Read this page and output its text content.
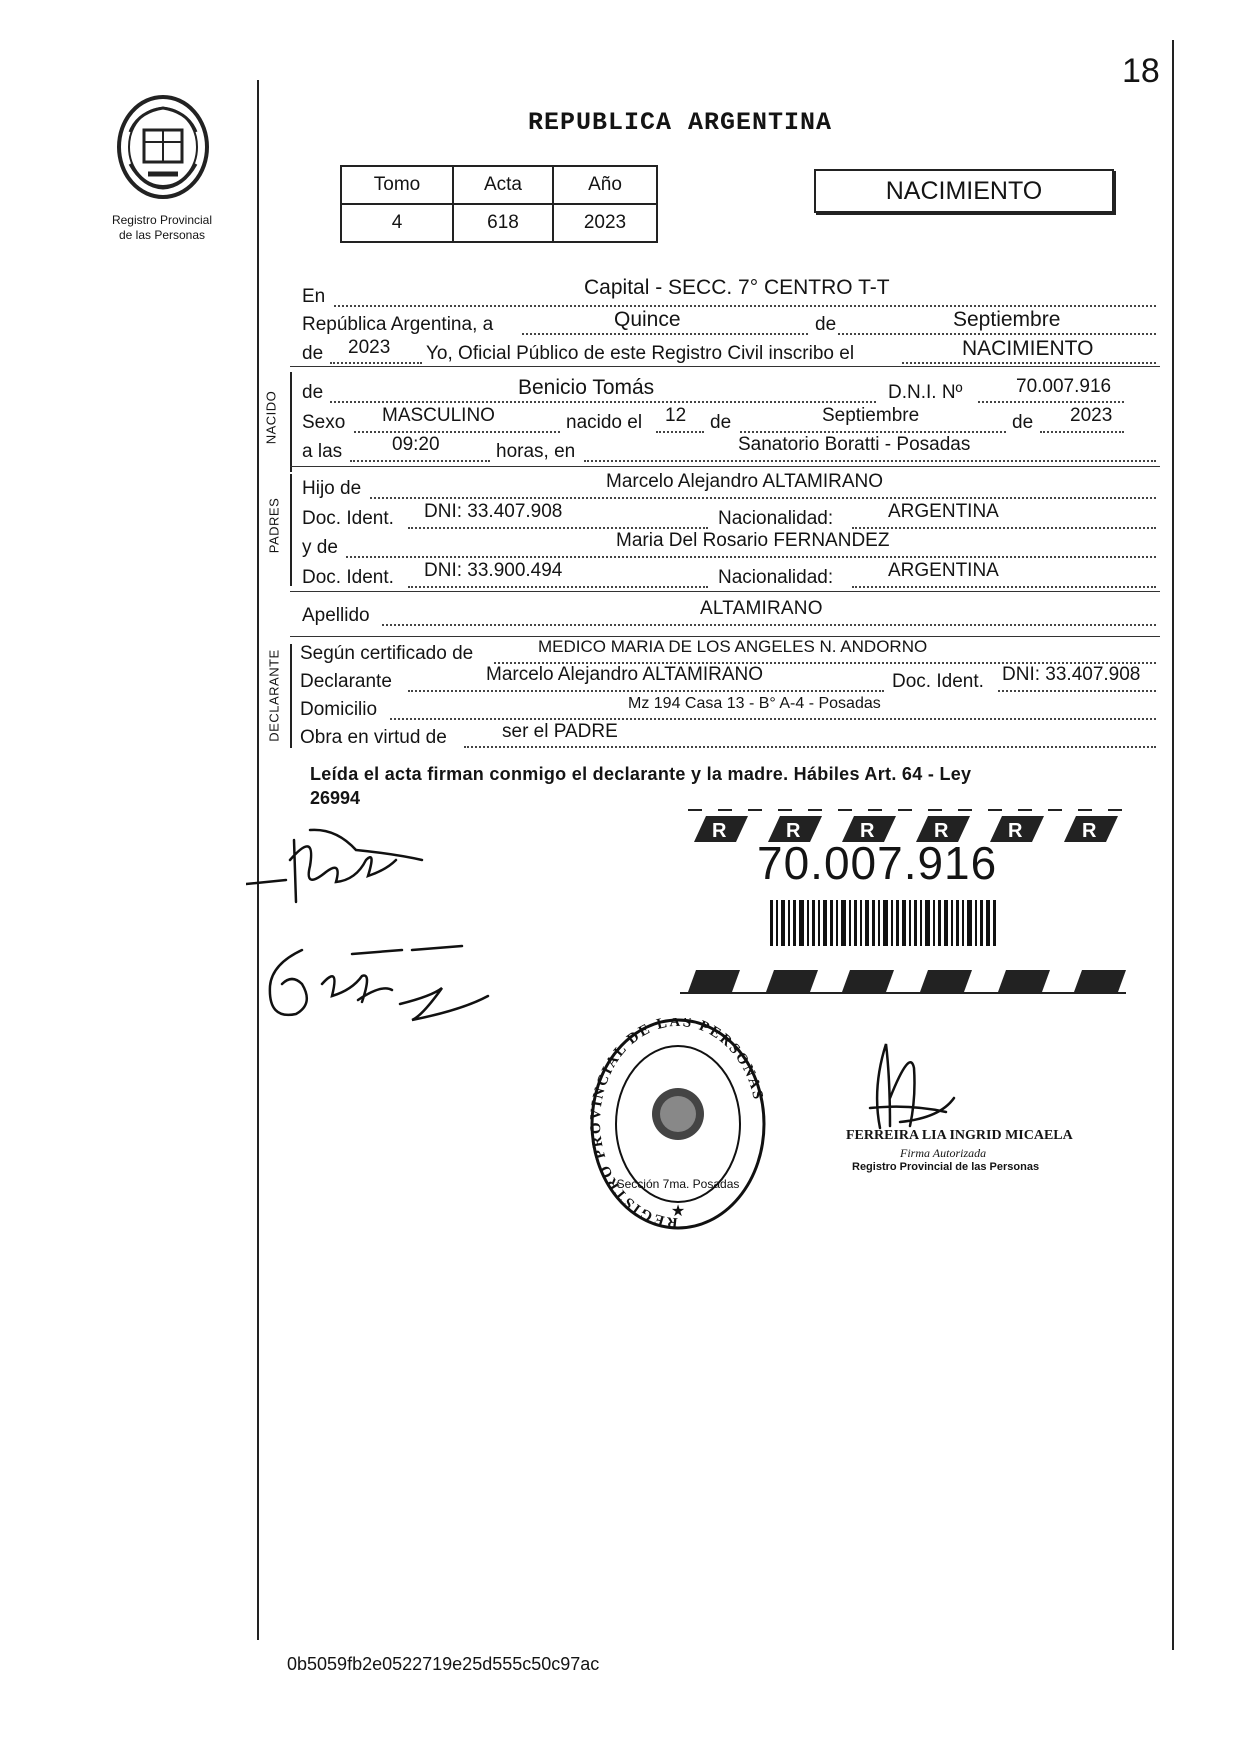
18
Registro Provincial
de las Personas
REPUBLICA ARGENTINA
Tomo	Acta	Año
4	618	2023
NACIMIENTO
En	Capital - SECC. 7° CENTRO T-T
República Argentina, a	Quince	de	Septiembre
de 2023 Yo, Oficial Público de este Registro Civil inscribo el	NACIMIENTO
NACIDO de	Benicio Tomás	D.N.I. Nº	70.007.916
Sexo MASCULINO	nacido el 12 de	Septiembre	de 2023
a las	09:20	horas, en	Sanatorio Boratti - Posadas
PADRES
Hijo de	Marcelo Alejandro ALTAMIRANO
Doc. Ident. DNI: 33.407.908	Nacionalidad:	ARGENTINA
y de	Maria Del Rosario FERNANDEZ
Doc. Ident. DNI: 33.900.494	Nacionalidad:	ARGENTINA
Apellido	ALTAMIRANO
DECLARANTE Según certificado de	MEDICO MARIA DE LOS ANGELES N. ANDORNO
Declarante	Marcelo Alejandro ALTAMIRANO	Doc. Ident. DNI: 33.407.908
Domicilio	Mz 194 Casa 13 - B° A-4 - Posadas
Obra en virtud de	ser el PADRE
Leída el acta firman conmigo el declarante y la madre. Hábiles Art. 64 - Ley
26994
R	R	R	R	R	R
70.007.916
REGISTRO PROVINCIAL DE LAS PERSONAS
Sección 7ma. Posadas
★
FERREIRA LIA INGRID MICAELA
Firma Autorizada
Registro Provincial de las Personas
0b5059fb2e0522719e25d555c50c97ac
